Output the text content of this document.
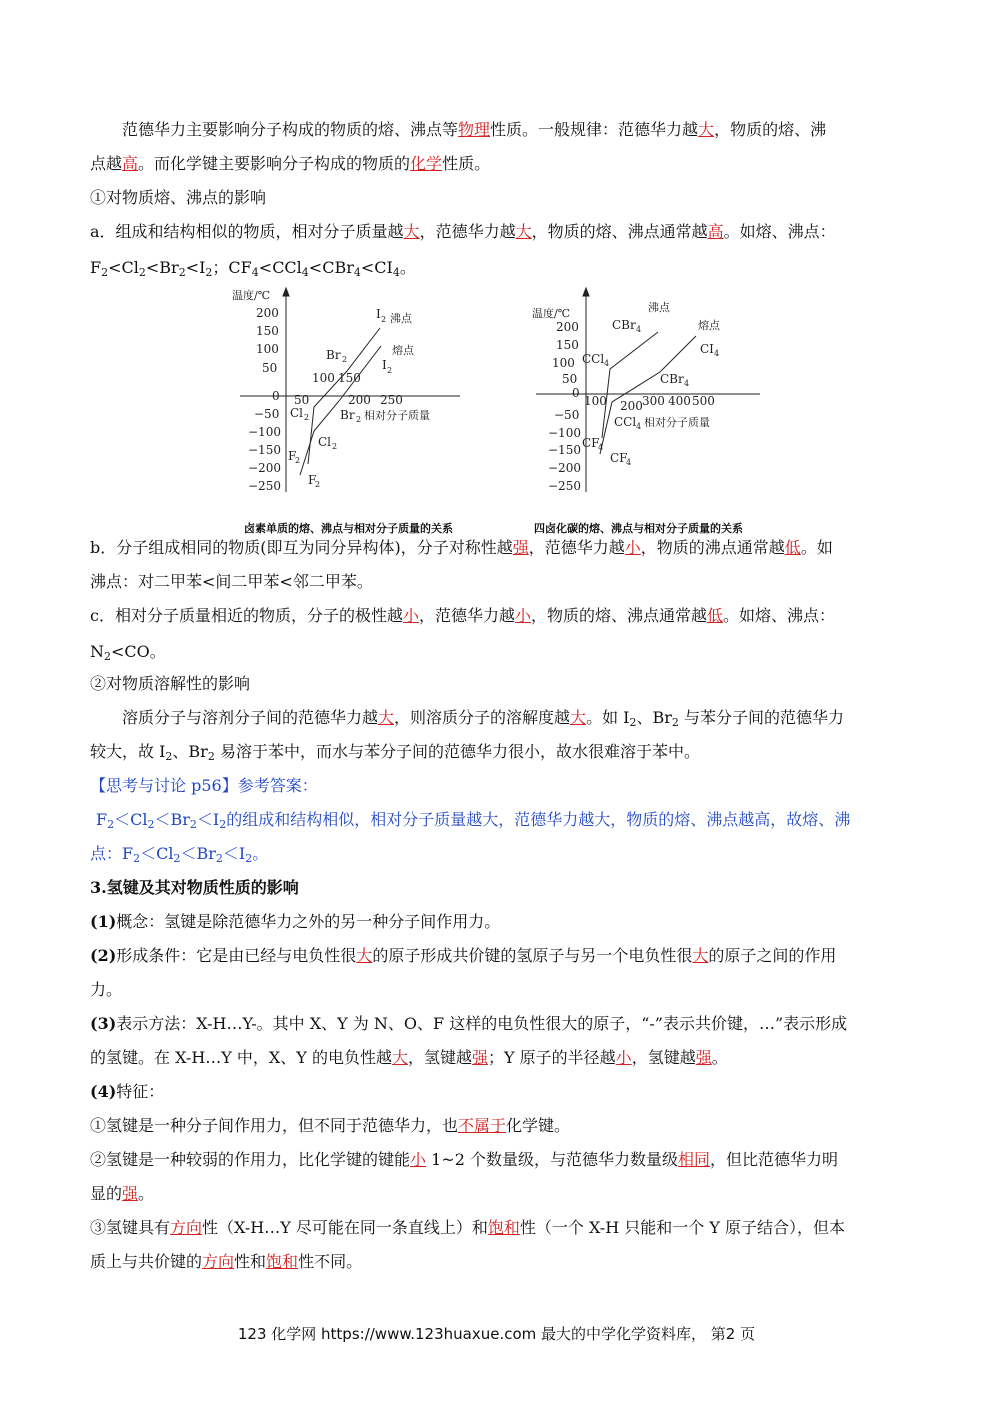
范德华力主要影响分子构成的物质的熔、沸点等物理性质。一般规律：范德华力越大，物质的熔、沸
点越高。而化学键主要影响分子构成的物质的化学性质。
①对物质熔、沸点的影响
a．组成和结构相似的物质，相对分子质量越大，范德华力越大，物质的熔、沸点通常越高。如熔、沸点：
$F_2<Cl_2<Br_2<I_2$；$CF_4<CCl_4<CBr_4<CI_4$。
温度/℃
200
150
100
50
0
−50
−100
−150
−200
−250
50
100 150
200 250
Br 2 相对分子质量
I 2 沸点
Br 2
熔点
I 2
Cl 2
Cl 2
F
2
F
2
卤素单质的熔、沸点与相对分子质量的关系
温度/℃
200
150
100
50
0
−50
−100
−150
−200
−250
100 200 300 400 500
CCl 4 相对分子质量
沸点
CBr 4	熔点
CI 4
CCl 4
CBr 4
CF
4
CF
4
四卤化碳的熔、沸点与相对分子质量的关系
b．分子组成相同的物质(即互为同分异构体)，分子对称性越强，范德华力越小，物质的沸点通常越低。如
沸点：对二甲苯<间二甲苯<邻二甲苯。
c．相对分子质量相近的物质，分子的极性越小，范德华力越小，物质的熔、沸点通常越低。如熔、沸点：
$N_2<CO$。
②对物质溶解性的影响
溶质分子与溶剂分子间的范德华力越大，则溶质分子的溶解度越大。如 $I_2$、$Br_2$ 与苯分子间的范德华力
较大，故 $I_2$、$Br_2$ 易溶于苯中，而水与苯分子间的范德华力很小，故水很难溶于苯中。
【思考与讨论 p56】参考答案：
$F_2<Cl_2<Br_2<I_2$的组成和结构相似，相对分子质量越大，范德华力越大，物质的熔、沸点越高，故熔、沸
点：$F_2<Cl_2<Br_2<I_2$。
3.氢键及其对物质性质的影响
(1)概念：氢键是除范德华力之外的另一种分子间作用力。
(2)形成条件：它是由已经与电负性很大的原子形成共价键的氢原子与另一个电负性很大的原子之间的作用
力。
(3)表示方法：X-H…Y-。其中 X、Y 为 N、O、F 这样的电负性很大的原子，“-”表示共价键，…”表示形成
的氢键。在 X-H…Y 中，X、Y 的电负性越大，氢键越强；Y 原子的半径越小，氢键越强。
(4)特征：
①氢键是一种分子间作用力，但不同于范德华力，也不属于化学键。
②氢键是一种较弱的作用力，比化学键的键能小 1~2 个数量级，与范德华力数量级相同，但比范德华力明
显的强。
③氢键具有方向性（X-H…Y 尽可能在同一条直线上）和饱和性（一个 X-H 只能和一个 Y 原子结合），但本
质上与共价键的方向性和饱和性不同。
123 化学网 https://www.123huaxue.com 最大的中学化学资料库， 第2 页
